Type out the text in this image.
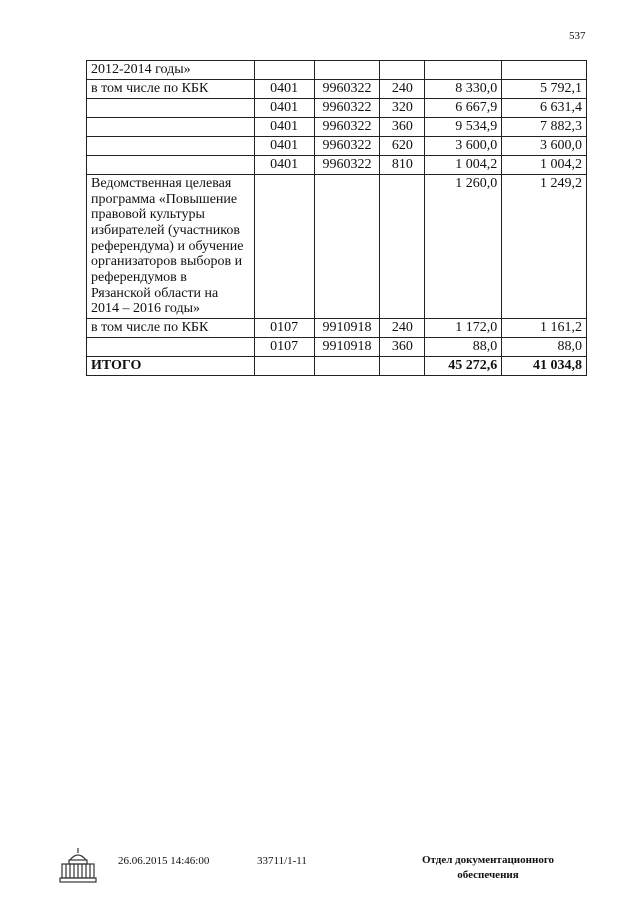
537
2012-2014 годы»					
в том числе по КБК	0401	9960322	240	8 330,0	5 792,1
	0401	9960322	320	6 667,9	6 631,4
	0401	9960322	360	9 534,9	7 882,3
	0401	9960322	620	3 600,0	3 600,0
	0401	9960322	810	1 004,2	1 004,2
Ведомственная целевая программа «Повышение правовой культуры избирателей (участников референдума) и обучение организаторов выборов и референдумов в Рязанской области на 2014 – 2016 годы»				1 260,0	1 249,2
в том числе по КБК	0107	9910918	240	1 172,0	1 161,2
	0107	9910918	360	88,0	88,0
ИТОГО				45 272,6	41 034,8
26.06.2015 14:46:00	33711/1-11	Отдел документационного обеспечения
